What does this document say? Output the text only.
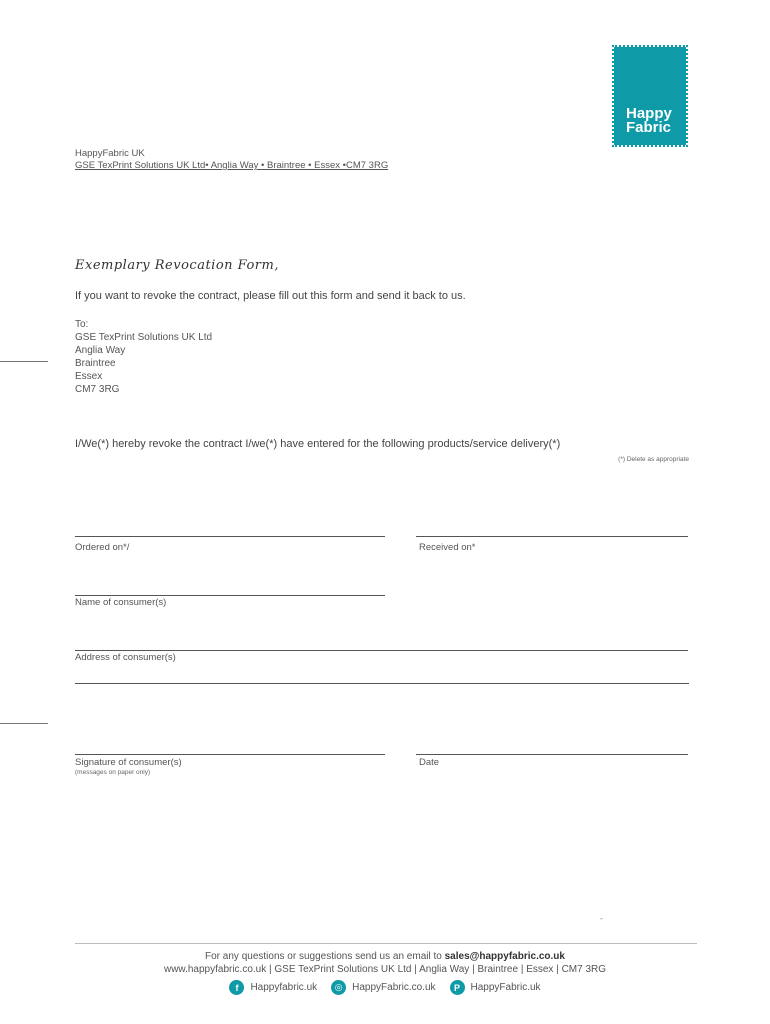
Happy
Fabric
HappyFabric UK
GSE TexPrint Solutions UK Ltd• Anglia Way • Braintree • Essex •CM7 3RG
Exemplary Revocation Form,
If you want to revoke the contract, please fill out this form and send it back to us.
To:
GSE TexPrint Solutions UK Ltd
Anglia Way
Braintree
Essex
CM7 3RG
I/We(*) hereby revoke the contract I/we(*) have entered for the following products/service delivery(*)
(*) Delete as appropriate
Ordered on*/	Received on*
Name of consumer(s)
Address of consumer(s)
Signature of consumer(s)
(messages on paper only)
Date
-
For any questions or suggestions send us an email to sales@happyfabric.co.uk
www.happyfabric.co.uk | GSE TexPrint Solutions UK Ltd | Anglia Way | Braintree | Essex | CM7 3RG
f	Happyfabric.uk	◎ HappyFabric.co.uk	P	HappyFabric.uk
